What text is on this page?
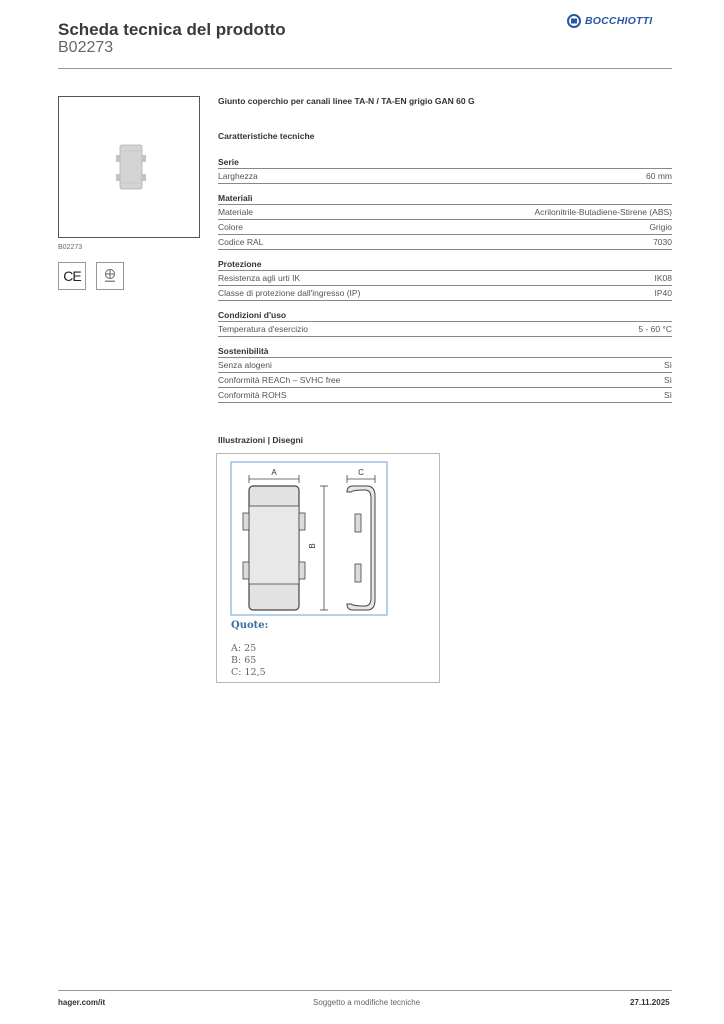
Scheda tecnica del prodotto
B02273
BOCCHIOTTI
B02273
CE
Giunto coperchio per canali linee TA-N / TA-EN grigio GAN 60 G
Caratteristiche tecniche
Serie
Larghezza	60 mm
Materiali
Materiale	Acrilonitrile-Butadiene-Stirene (ABS)
Colore	Grigio
Codice RAL	7030
Protezione
Resistenza agli urti IK	IK08
Classe di protezione dall'ingresso (IP)	IP40
Condizioni d'uso
Temperatura d'esercizio	5 - 60 °C
Sostenibilità
Senza alogeni	Sì
Conformità REACh – SVHC free	Sì
Conformità ROHS	Sì
Illustrazioni | Disegni
A
B
C
Quote:
A: 25
B: 65
C: 12,5
hager.com/it	Soggetto a modifiche tecniche	27.11.2025
